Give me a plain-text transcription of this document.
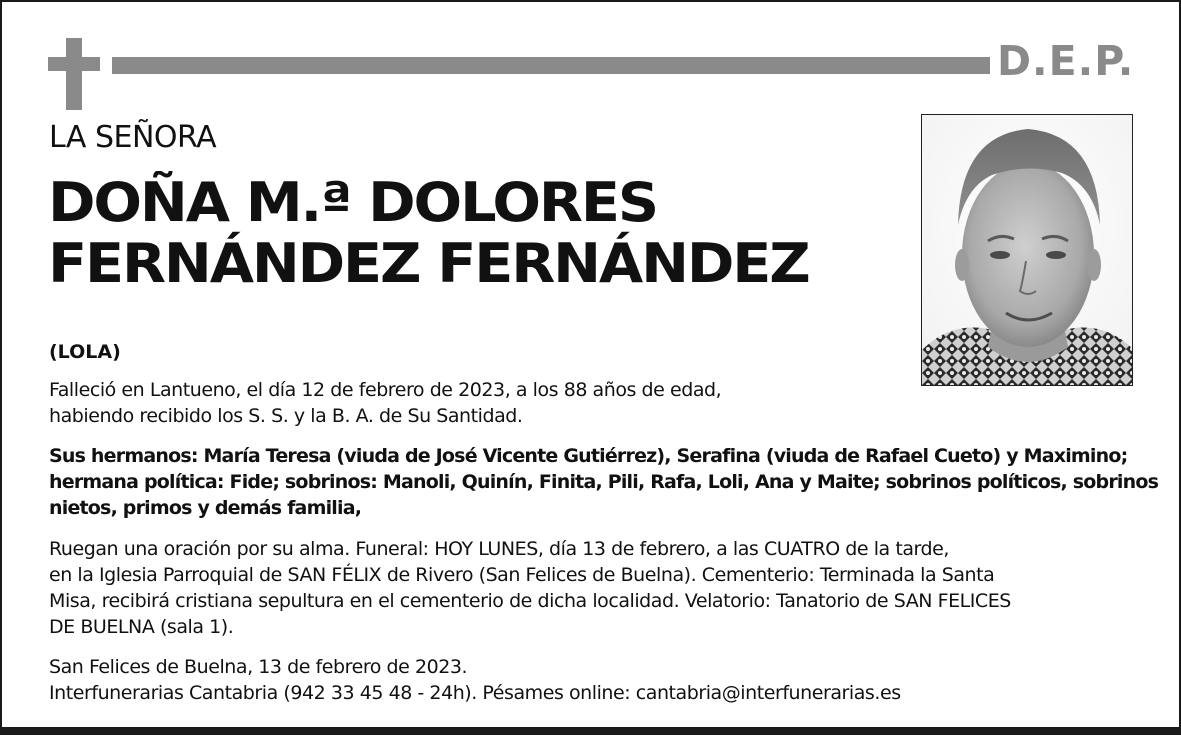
D.E.P.
LA SEÑORA
DOÑA M.ª DOLORES
FERNÁNDEZ FERNÁNDEZ
(LOLA)
Falleció en Lantueno, el día 12 de febrero de 2023, a los 88 años de edad,
habiendo recibido los S. S. y la B. A. de Su Santidad.
Sus hermanos: María Teresa (viuda de José Vicente Gutiérrez), Serafina (viuda de Rafael Cueto) y Maximino;
hermana política: Fide; sobrinos: Manoli, Quinín, Finita, Pili, Rafa, Loli, Ana y Maite; sobrinos políticos, sobrinos
nietos, primos y demás familia,
Ruegan una oración por su alma. Funeral: HOY LUNES, día 13 de febrero, a las CUATRO de la tarde,
en la Iglesia Parroquial de SAN FÉLIX de Rivero (San Felices de Buelna). Cementerio: Terminada la Santa
Misa, recibirá cristiana sepultura en el cementerio de dicha localidad. Velatorio: Tanatorio de SAN FELICES
DE BUELNA (sala 1).
San Felices de Buelna, 13 de febrero de 2023.
Interfunerarias Cantabria (942 33 45 48 - 24h). Pésames online: cantabria@interfunerarias.es
